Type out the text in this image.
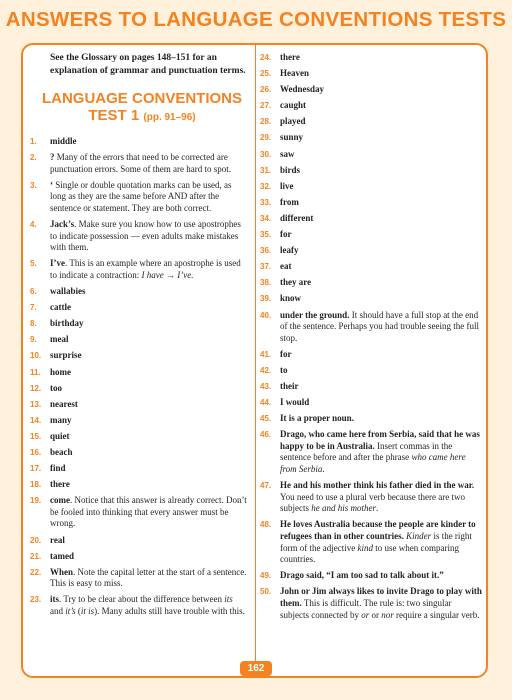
ANSWERS TO LANGUAGE CONVENTIONS TESTS
See the Glossary on pages 148–151 for an explanation of grammar and punctuation terms.
LANGUAGE CONVENTIONS
TEST 1 (pp. 91–96)
1. middle
2. ? Many of the errors that need to be corrected are punctuation errors. Some of them are hard to spot.
3. ‘ Single or double quotation marks can be used, as long as they are the same before AND after the sentence or statement. They are both correct.
4. Jack’s. Make sure you know how to use apostrophes to indicate possession — even adults make mistakes with them.
5. I’ve. This is an example where an apostrophe is used to indicate a contraction: I have → I’ve.
6. wallabies
7. cattle
8. birthday
9. meal
10. surprise
11. home
12. too
13. nearest
14. many
15. quiet
16. beach
17. find
18. there
19. come. Notice that this answer is already correct. Don’t be fooled into thinking that every answer must be wrong.
20. real
21. tamed
22. When. Note the capital letter at the start of a sentence. This is easy to miss.
23. its. Try to be clear about the difference between its and it’s (it is). Many adults still have trouble with this.
24. there
25. Heaven
26. Wednesday
27. caught
28. played
29. sunny
30. saw
31. birds
32. live
33. from
34. different
35. for
36. leafy
37. eat
38. they are
39. know
40. under the ground. It should have a full stop at the end of the sentence. Perhaps you had trouble seeing the full stop.
41. for
42. to
43. their
44. I would
45. It is a proper noun.
46. Drago, who came here from Serbia, said that he was happy to be in Australia. Insert commas in the sentence before and after the phrase who came here from Serbia.
47. He and his mother think his father died in the war. You need to use a plural verb because there are two subjects he and his mother.
48. He loves Australia because the people are kinder to refugees than in other countries. Kinder is the right form of the adjective kind to use when comparing countries.
49. Drago said, “I am too sad to talk about it.”
50. John or Jim always likes to invite Drago to play with them. This is difficult. The rule is: two singular subjects connected by or or nor require a singular verb.
162
